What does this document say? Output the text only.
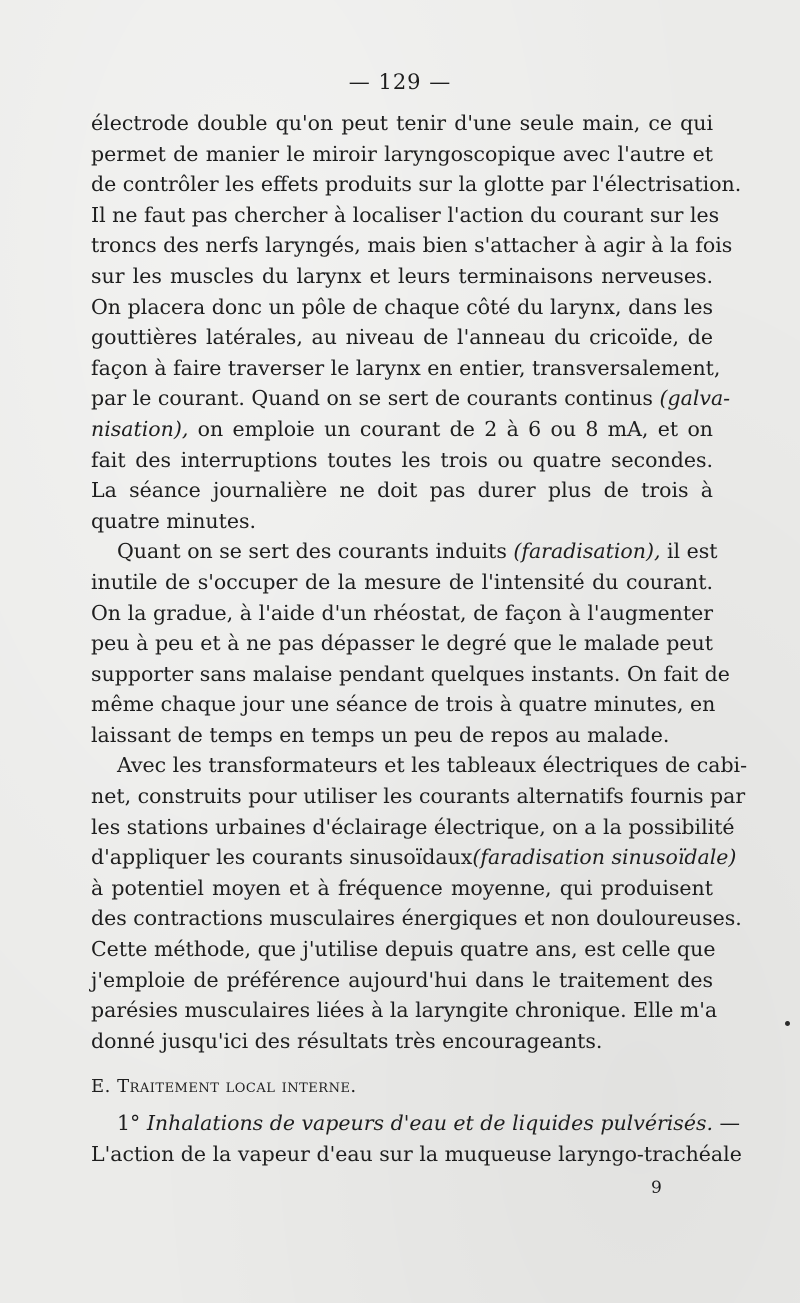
— 129 —
électrode double qu'on peut tenir d'une seule main, ce qui
permet de manier le miroir laryngoscopique avec l'autre et
de contrôler les effets produits sur la glotte par l'électrisation.
Il ne faut pas chercher à localiser l'action du courant sur les
troncs des nerfs laryngés, mais bien s'attacher à agir à la fois
sur les muscles du larynx et leurs terminaisons nerveuses.
On placera donc un pôle de chaque côté du larynx, dans les
gouttières latérales, au niveau de l'anneau du cricoïde, de
façon à faire traverser le larynx en entier, transversalement,
par le courant. Quand on se sert de courants continus (galva-
nisation), on emploie un courant de 2 à 6 ou 8 mA, et on
fait des interruptions toutes les trois ou quatre secondes.
La séance journalière ne doit pas durer plus de trois à
quatre minutes.
Quant on se sert des courants induits (faradisation), il est
inutile de s'occuper de la mesure de l'intensité du courant.
On la gradue, à l'aide d'un rhéostat, de façon à l'augmenter
peu à peu et à ne pas dépasser le degré que le malade peut
supporter sans malaise pendant quelques instants. On fait de
même chaque jour une séance de trois à quatre minutes, en
laissant de temps en temps un peu de repos au malade.
Avec les transformateurs et les tableaux électriques de cabi-
net, construits pour utiliser les courants alternatifs fournis par
les stations urbaines d'éclairage électrique, on a la possibilité
d'appliquer les courants sinusoïdaux(faradisation sinusoïdale)
à potentiel moyen et à fréquence moyenne, qui produisent
des contractions musculaires énergiques et non douloureuses.
Cette méthode, que j'utilise depuis quatre ans, est celle que
j'emploie de préférence aujourd'hui dans le traitement des
parésies musculaires liées à la laryngite chronique. Elle m'a
donné jusqu'ici des résultats très encourageants.
E. Traitement local interne.
1° Inhalations de vapeurs d'eau et de liquides pulvérisés. —
L'action de la vapeur d'eau sur la muqueuse laryngo-trachéale
9
